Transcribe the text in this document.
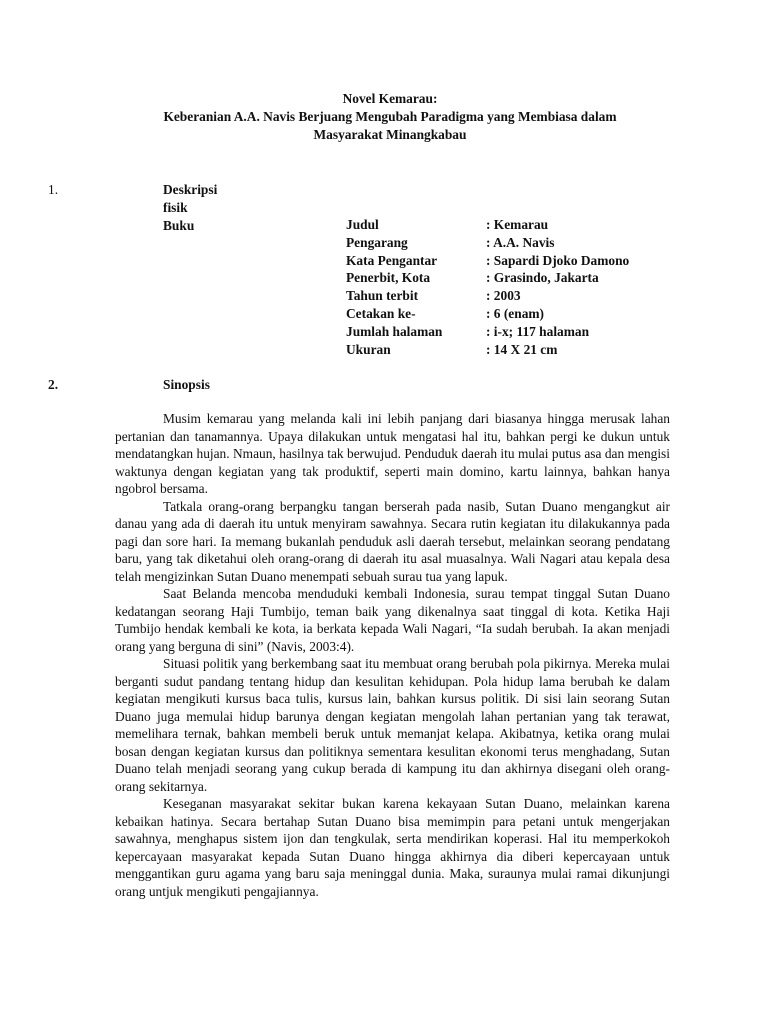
Novel Kemarau:
Keberanian A.A. Navis Berjuang Mengubah Paradigma yang Membiasa dalam
Masyarakat Minangkabau
1.	Deskripsi fisik Buku	Judul	: Kemarau
Pengarang	: A.A. Navis
Kata Pengantar	: Sapardi Djoko Damono
Penerbit, Kota	: Grasindo, Jakarta
Tahun terbit	: 2003
Cetakan ke-	: 6 (enam)
Jumlah halaman	: i-x; 117 halaman
Ukuran	: 14 X 21 cm
2.	Sinopsis

Musim kemarau yang melanda kali ini lebih panjang dari biasanya hingga merusak lahan pertanian dan tanamannya. Upaya dilakukan untuk mengatasi hal itu, bahkan pergi ke dukun untuk mendatangkan hujan. Nmaun, hasilnya tak berwujud. Penduduk daerah itu mulai putus asa dan mengisi waktunya dengan kegiatan yang tak produktif, seperti main domino, kartu lainnya, bahkan hanya ngobrol bersama.

Tatkala orang-orang berpangku tangan berserah pada nasib, Sutan Duano mengangkut air danau yang ada di daerah itu untuk menyiram sawahnya. Secara rutin kegiatan itu dilakukannya pada pagi dan sore hari. Ia memang bukanlah penduduk asli daerah tersebut, melainkan seorang pendatang baru, yang tak diketahui oleh orang-orang di daerah itu asal muasalnya. Wali Nagari atau kepala desa telah mengizinkan Sutan Duano menempati sebuah surau tua yang lapuk.

Saat Belanda mencoba menduduki kembali Indonesia, surau tempat tinggal Sutan Duano kedatangan seorang Haji Tumbijo, teman baik yang dikenalnya saat tinggal di kota. Ketika Haji Tumbijo hendak kembali ke kota, ia berkata kepada Wali Nagari, “Ia sudah berubah. Ia akan menjadi orang yang berguna di sini” (Navis, 2003:4).

Situasi politik yang berkembang saat itu membuat orang berubah pola pikirnya. Mereka mulai berganti sudut pandang tentang hidup dan kesulitan kehidupan. Pola hidup lama berubah ke dalam kegiatan mengikuti kursus baca tulis, kursus lain, bahkan kursus politik. Di sisi lain seorang Sutan Duano juga memulai hidup barunya dengan kegiatan mengolah lahan pertanian yang tak terawat, memelihara ternak, bahkan membeli beruk untuk memanjat kelapa. Akibatnya, ketika orang mulai bosan dengan kegiatan kursus dan politiknya sementara kesulitan ekonomi terus menghadang, Sutan Duano telah menjadi seorang yang cukup berada di kampung itu dan akhirnya disegani oleh orang-orang sekitarnya.

Keseganan masyarakat sekitar bukan karena kekayaan Sutan Duano, melainkan karena kebaikan hatinya. Secara bertahap Sutan Duano bisa memimpin para petani untuk mengerjakan sawahnya, menghapus sistem ijon dan tengkulak, serta mendirikan koperasi. Hal itu memperkokoh kepercayaan masyarakat kepada Sutan Duano hingga akhirnya dia diberi kepercayaan untuk menggantikan guru agama yang baru saja meninggal dunia. Maka, suraunya mulai ramai dikunjungi orang untjuk mengikuti pengajiannya.
